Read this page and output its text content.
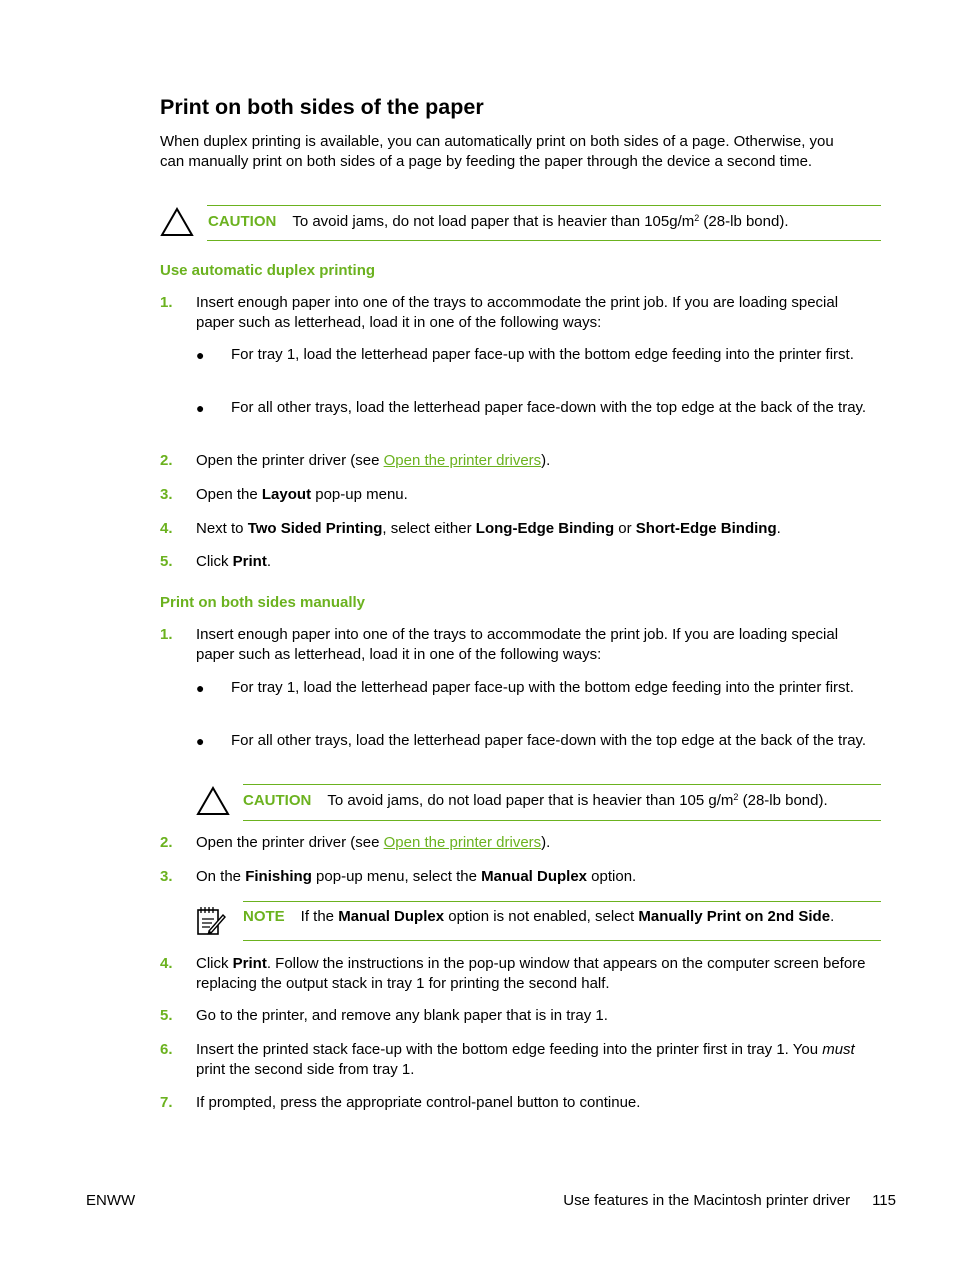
Print on both sides of the paper
When duplex printing is available, you can automatically print on both sides of a page. Otherwise, you can manually print on both sides of a page by feeding the paper through the device a second time.
CAUTION To avoid jams, do not load paper that is heavier than $105g/m^2$ (28-lb bond).
Use automatic duplex printing
1.	Insert enough paper into one of the trays to accommodate the print job. If you are loading special paper such as letterhead, load it in one of the following ways:
● For tray 1, load the letterhead paper face-up with the bottom edge feeding into the printer first.
● For all other trays, load the letterhead paper face-down with the top edge at the back of the tray.
2.	Open the printer driver (see Open the printer drivers).
3.	Open the Layout pop-up menu.
4.	Next to Two Sided Printing, select either Long-Edge Binding or Short-Edge Binding.
5.	Click Print.
Print on both sides manually
1.	Insert enough paper into one of the trays to accommodate the print job. If you are loading special paper such as letterhead, load it in one of the following ways:
● For tray 1, load the letterhead paper face-up with the bottom edge feeding into the printer first.
● For all other trays, load the letterhead paper face-down with the top edge at the back of the tray.
CAUTION To avoid jams, do not load paper that is heavier than 105 $g/m^2$ (28-lb bond).
2.	Open the printer driver (see Open the printer drivers).
3.	On the Finishing pop-up menu, select the Manual Duplex option.
NOTE If the Manual Duplex option is not enabled, select Manually Print on 2nd Side.
4.	Click Print. Follow the instructions in the pop-up window that appears on the computer screen before replacing the output stack in tray 1 for printing the second half.
5.	Go to the printer, and remove any blank paper that is in tray 1.
6.	Insert the printed stack face-up with the bottom edge feeding into the printer first in tray 1. You must print the second side from tray 1.
7.	If prompted, press the appropriate control-panel button to continue.
ENWW	Use features in the Macintosh printer driver 115
